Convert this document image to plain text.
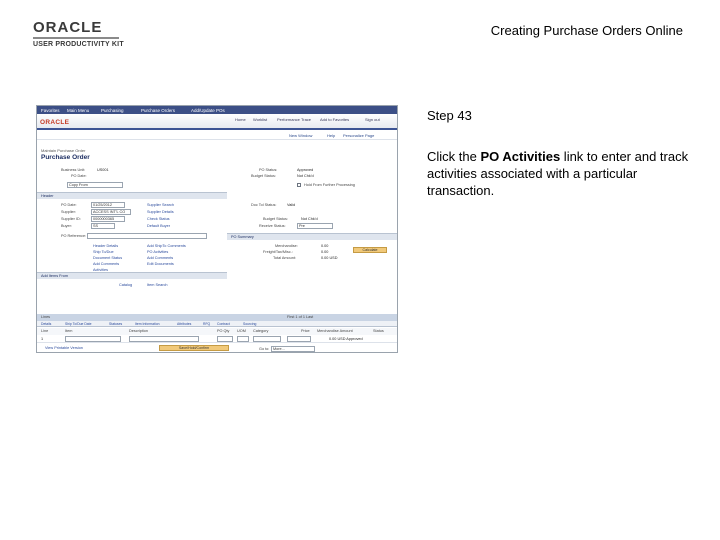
ORACLE
USER PRODUCTIVITY KIT
Creating Purchase Orders Online
Favorites Main Menu	Purchasing	Purchase Orders	Add/Update POs
ORACLE	Home Worklist Performance Trace Add to Favorites	Sign out
New Window	Help Personalize Page
Maintain Purchase Order
Purchase Order
Business Unit:	US001
PO Date:
PO Status:	Approved
Budget Status:	Not Chk'd
Copy From	Hold From Further Processing
Header
PO Date:	01/25/2012
Supplier:	ACCESS INT'L CO
Supplier ID:	0000000365
Buyer:	SS
Supplier Search
Supplier Details
Check Status
Default Buyer
PO Reference:
Header Details
Ship To/Due
Document Status
Add Comments
Activities
Add ShipTo Comments
PO Activities
Add Comments
Edit Documents
Doc Tol Status:	Valid
Budget Status:	Not Chk'd
Receive Status:	Pre
PO Summary
Merchandise:	0.00
Freight/Tax/Misc.:	0.00
Total Amount:	0.00 USD
Calculate
Add Items From
Catalog	Item Search
Lines	First 1 of 1 Last
Details	Ship To/Due Date	Statuses	Item Information	Attributes	RFQ Contract	Sourcing
Line	Item	Description	PO Qty UOM Category	Price Merchandise Amount	Status
1	0.00 USD Approved
View Printable Version	Save/Hold/Confirm	Go to: More...
Step 43
Click the PO Activities link to enter and track activities associated with a particular transaction.
